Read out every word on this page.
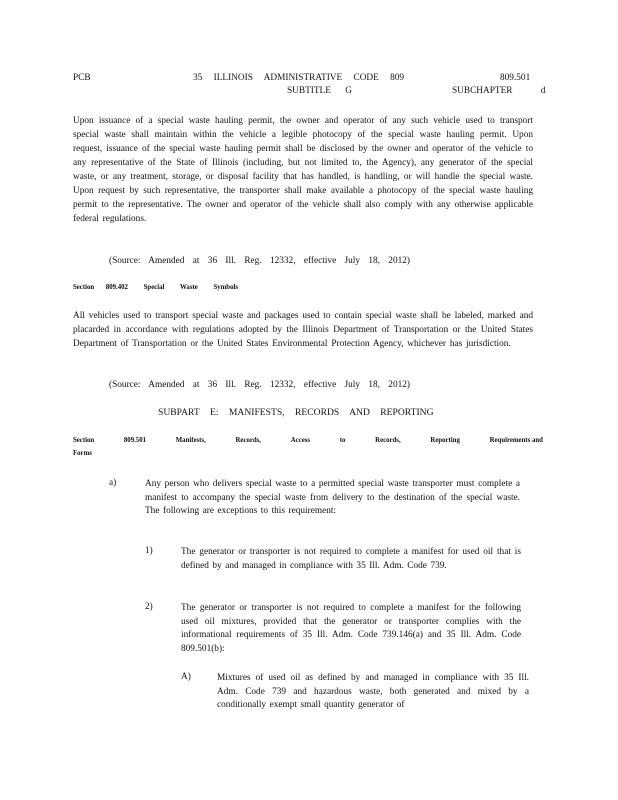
PCB	35 ILLINOIS ADMINISTRATIVE CODE 809	809.501
SUBTITLE G	SUBCHAPTER d
Upon issuance of a special waste hauling permit, the owner and operator of any such vehicle used to transport special waste shall maintain within the vehicle a legible photocopy of the special waste hauling permit. Upon request, issuance of the special waste hauling permit shall be disclosed by the owner and operator of the vehicle to any representative of the State of Illinois (including, but not limited to, the Agency), any generator of the special waste, or any treatment, storage, or disposal facility that has handled, is handling, or will handle the special waste. Upon request by such representative, the transporter shall make available a photocopy of the special waste hauling permit to the representative. The owner and operator of the vehicle shall also comply with any otherwise applicable federal regulations.
(Source: Amended at 36 Ill. Reg. 12332, effective July 18, 2012)
Section 809.402 Special Waste Symbols
All vehicles used to transport special waste and packages used to contain special waste shall be labeled, marked and placarded in accordance with regulations adopted by the Illinois Department of Transportation or the United States Department of Transportation or the United States Environmental Protection Agency, whichever has jurisdiction.
(Source: Amended at 36 Ill. Reg. 12332, effective July 18, 2012)
SUBPART E: MANIFESTS, RECORDS AND REPORTING
Section	809.501	Manifests,	Records,	Access	to	Records,	Reporting	Requirements and
Forms
a)	Any person who delivers special waste to a permitted special waste transporter must complete a manifest to accompany the special waste from delivery to the destination of the special waste. The following are exceptions to this requirement:
1)	The generator or transporter is not required to complete a manifest for used oil that is defined by and managed in compliance with 35 Ill. Adm. Code 739.
2)	The generator or transporter is not required to complete a manifest for the following used oil mixtures, provided that the generator or transporter complies with the informational requirements of 35 Ill. Adm. Code 739.146(a) and 35 Ill. Adm. Code 809.501(b):
A)	Mixtures of used oil as defined by and managed in compliance with 35 Ill. Adm. Code 739 and hazardous waste, both generated and mixed by a conditionally exempt small quantity generator of
